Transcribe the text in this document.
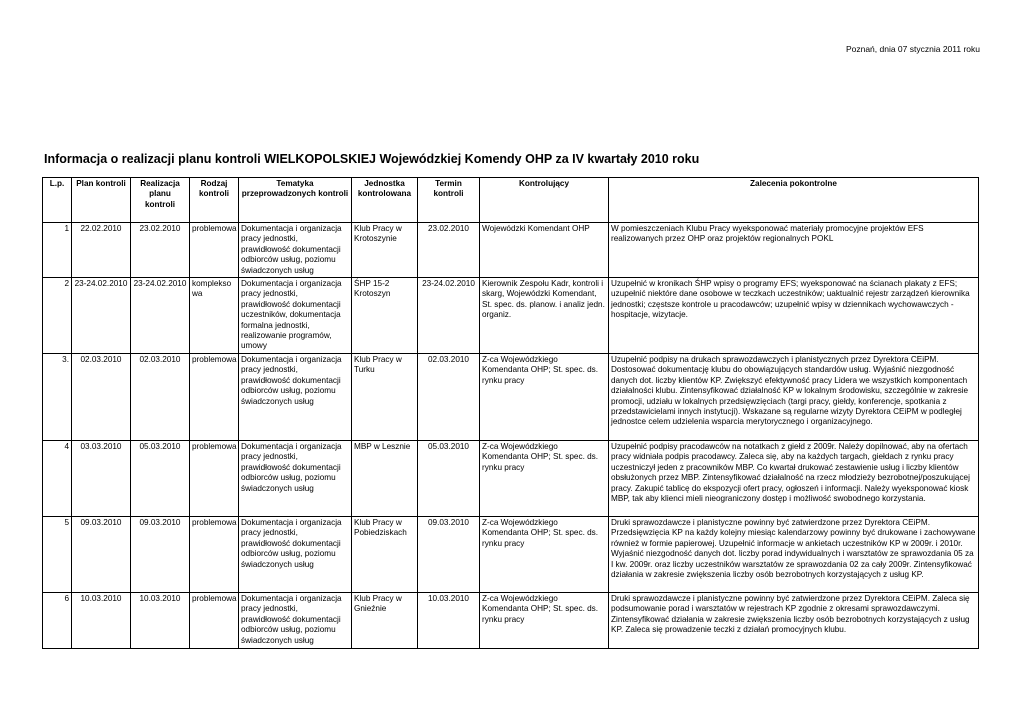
Poznań, dnia 07 stycznia 2011 roku
Informacja o realizacji planu kontroli WIELKOPOLSKIEJ Wojewódzkiej Komendy OHP za IV kwartały 2010 roku
L.p.	Plan kontroli	Realizacja planu kontroli	Rodzaj kontroli	Tematyka przeprowadzonych kontroli	Jednostka kontrolowana	Termin kontroli	Kontrolujący	Zalecenia pokontrolne
1	22.02.2010	23.02.2010	problemowa	Dokumentacja i organizacja pracy jednostki, prawidłowość dokumentacji odbiorców usług, poziomu świadczonych usług	Klub Pracy w Krotoszynie	23.02.2010	Wojewódzki Komendant OHP	W pomieszczeniach Klubu Pracy wyeksponować materiały promocyjne projektów EFS realizowanych przez OHP oraz projektów regionalnych POKL
2	23-24.02.2010	23-24.02.2010	kompleksowa	Dokumentacja i organizacja pracy jednostki, prawidłowość dokumentacji uczestników, dokumentacja formalna jednostki, realizowanie programów, umowy	ŚHP 15-2 Krotoszyn	23-24.02.2010	Kierownik Zespołu Kadr, kontroli i skarg, Wojewódzki Komendant, St. spec. ds. planow. i analiz jedn. organiz.	Uzupełnić w kronikach ŚHP wpisy o programy EFS; wyeksponować na ścianach plakaty z EFS; uzupełnić niektóre dane osobowe w teczkach uczestników; uaktualnić rejestr zarządzeń kierownika jednostki; częstsze kontrole u pracodawców; uzupełnić wpisy w dziennikach wychowawczych - hospitacje, wizytacje.
3.	02.03.2010	02.03.2010	problemowa	Dokumentacja i organizacja pracy jednostki, prawidłowość dokumentacji odbiorców usług, poziomu świadczonych usług	Klub Pracy w Turku	02.03.2010	Z-ca Wojewódzkiego Komendanta OHP; St. spec. ds. rynku pracy	Uzupełnić podpisy na drukach sprawozdawczych i planistycznych przez Dyrektora CEiPM. Dostosować dokumentację klubu do obowiązujących standardów usług. Wyjaśnić niezgodność danych dot. liczby klientów KP. Zwiększyć efektywność pracy Lidera we wszystkich komponentach działalności klubu. Zintensyfikować działalność KP w lokalnym środowisku, szczególnie w zakresie promocji, udziału w lokalnych przedsięwzięciach (targi pracy, giełdy, konferencje, spotkania z przedstawicielami innych instytucji). Wskazane są regularne wizyty Dyrektora CEiPM w podległej jednostce celem udzielenia wsparcia merytorycznego i organizacyjnego.
4	03.03.2010	05.03.2010	problemowa	Dokumentacja i organizacja pracy jednostki, prawidłowość dokumentacji odbiorców usług, poziomu świadczonych usług	MBP w Lesznie	05.03.2010	Z-ca Wojewódzkiego Komendanta OHP; St. spec. ds. rynku pracy	Uzupełnić podpisy pracodawców na notatkach z giełd z 2009r. Należy dopilnować, aby na ofertach pracy widniała podpis pracodawcy. Zaleca się, aby na każdych targach, giełdach z rynku pracy uczestniczył jeden z pracowników MBP. Co kwartał drukować zestawienie usług i liczby klientów obsłużonych przez MBP. Zintensyfikować działalność na rzecz młodzieży bezrobotnej/poszukującej pracy. Zakupić tablicę do ekspozycji ofert pracy, ogłoszeń i informacji. Należy wyeksponować kiosk MBP, tak aby klienci mieli nieograniczony dostęp i możliwość swobodnego korzystania.
5	09.03.2010	09.03.2010	problemowa	Dokumentacja i organizacja pracy jednostki, prawidłowość dokumentacji odbiorców usług, poziomu świadczonych usług	Klub Pracy w Pobiedziskach	09.03.2010	Z-ca Wojewódzkiego Komendanta OHP; St. spec. ds. rynku pracy	Druki sprawozdawcze i planistyczne powinny być zatwierdzone przez Dyrektora CEiPM. Przedsięwzięcia KP na każdy kolejny miesiąc kalendarzowy powinny być drukowane i zachowywane również w formie papierowej. Uzupełnić informacje w ankietach uczestników KP w 2009r. i 2010r. Wyjaśnić niezgodność danych dot. liczby porad indywidualnych i warsztatów ze sprawozdania 05 za I kw. 2009r. oraz liczby uczestników warsztatów ze sprawozdania 02 za cały 2009r. Zintensyfikować działania w zakresie zwiększenia liczby osób bezrobotnych korzystających z usług KP.
6	10.03.2010	10.03.2010	problemowa	Dokumentacja i organizacja pracy jednostki, prawidłowość dokumentacji odbiorców usług, poziomu świadczonych usług	Klub Pracy w Gnieźnie	10.03.2010	Z-ca Wojewódzkiego Komendanta OHP; St. spec. ds. rynku pracy	Druki sprawozdawcze i planistyczne powinny być zatwierdzone przez Dyrektora CEiPM. Zaleca się podsumowanie porad i warsztatów w rejestrach KP zgodnie z okresami sprawozdawczymi. Zintensyfikować działania w zakresie zwiększenia liczby osób bezrobotnych korzystających z usług KP. Zaleca się prowadzenie teczki z działań promocyjnych klubu.
